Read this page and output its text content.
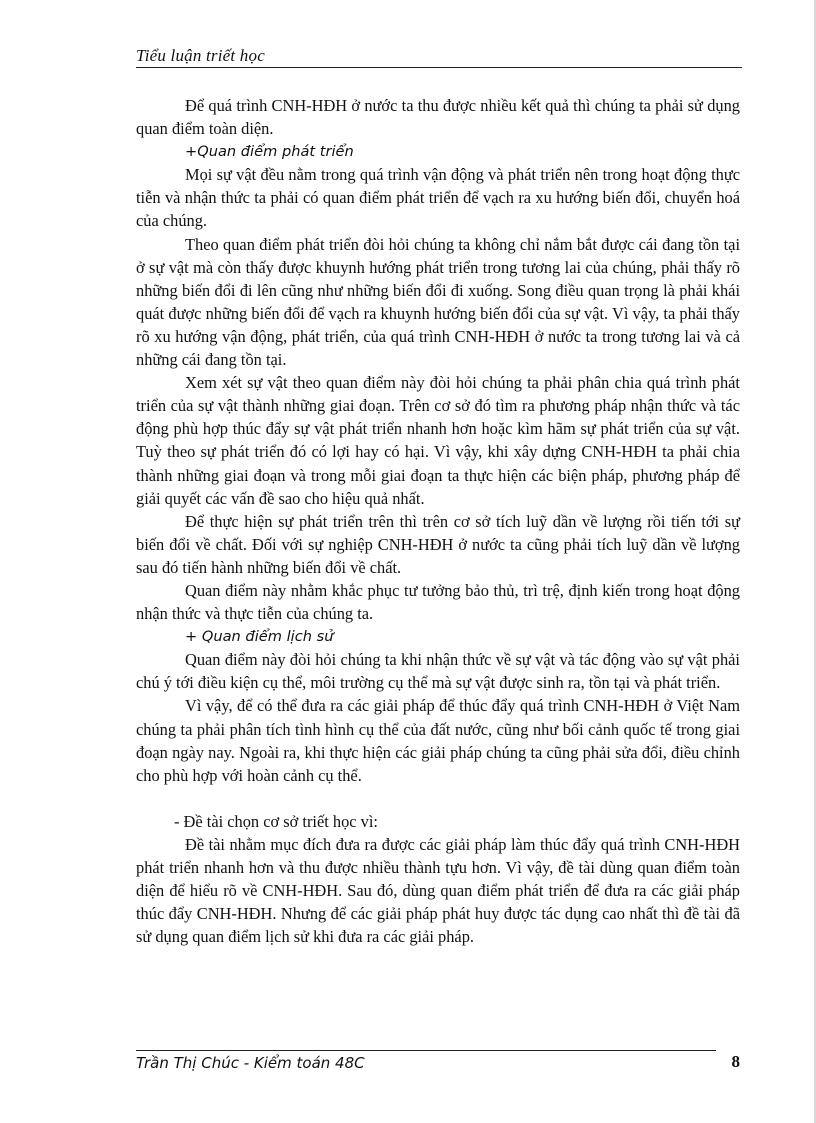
Tiểu luận triết học

Để quá trình CNH-HĐH ở nước ta thu được nhiều kết quả thì chúng ta phải sử dụng quan điểm toàn diện.

+Quan điểm phát triển

Mọi sự vật đều nằm trong quá trình vận động và phát triển nên trong hoạt động thực tiễn và nhận thức ta phải có quan điểm phát triển để vạch ra xu hướng biến đổi, chuyển hoá của chúng.

Theo quan điểm phát triển đòi hỏi chúng ta không chỉ nắm bắt được cái đang tồn tại ở sự vật mà còn thấy được khuynh hướng phát triển trong tương lai của chúng, phải thấy rõ những biến đổi đi lên cũng như những biến đổi đi xuống. Song điều quan trọng là phải khái quát được những biến đổi để vạch ra khuynh hướng biến đổi của sự vật. Vì vậy, ta phải thấy rõ xu hướng vận động, phát triển, của quá trình CNH-HĐH ở nước ta trong tương lai và cả những cái đang tồn tại.

Xem xét sự vật theo quan điểm này đòi hỏi chúng ta phải phân chia quá trình phát triển của sự vật thành những giai đoạn. Trên cơ sở đó tìm ra phương pháp nhận thức và tác động phù hợp thúc đẩy sự vật phát triển nhanh hơn hoặc kìm hãm sự phát triển của sự vật. Tuỳ theo sự phát triển đó có lợi hay có hại. Vì vậy, khi xây dựng CNH-HĐH ta phải chia thành những giai đoạn và trong mỗi giai đoạn ta thực hiện các biện pháp, phương pháp để giải quyết các vấn đề sao cho hiệu quả nhất.

Để thực hiện sự phát triển trên thì trên cơ sở tích luỹ dần về lượng rồi tiến tới sự biến đổi về chất. Đối với sự nghiệp CNH-HĐH ở nước ta cũng phải tích luỹ dần về lượng sau đó tiến hành những biến đổi về chất.

Quan điểm này nhằm khắc phục tư tưởng bảo thủ, trì trệ, định kiến trong hoạt động nhận thức và thực tiễn của chúng ta.

+ Quan điểm lịch sử

Quan điểm này đòi hỏi chúng ta khi nhận thức về sự vật và tác động vào sự vật phải chú ý tới điều kiện cụ thể, môi trường cụ thể mà sự vật được sinh ra, tồn tại và phát triển.

Vì vậy, để có thể đưa ra các giải pháp để thúc đẩy quá trình CNH-HĐH ở Việt Nam chúng ta phải phân tích tình hình cụ thể của đất nước, cũng như bối cảnh quốc tế trong giai đoạn ngày nay. Ngoài ra, khi thực hiện các giải pháp chúng ta cũng phải sửa đổi, điều chỉnh cho phù hợp với hoàn cảnh cụ thể.

- Đề tài chọn cơ sở triết học vì:

Đề tài nhằm mục đích đưa ra được các giải pháp làm thúc đẩy quá trình CNH-HĐH phát triển nhanh hơn và thu được nhiều thành tựu hơn. Vì vậy, đề tài dùng quan điểm toàn diện để hiểu rõ về CNH-HĐH. Sau đó, dùng quan điểm phát triển để đưa ra các giải pháp thúc đẩy CNH-HĐH. Nhưng để các giải pháp phát huy được tác dụng cao nhất thì đề tài đã sử dụng quan điểm lịch sử khi đưa ra các giải pháp.

Trần Thị Chúc - Kiểm toán 48C	8
